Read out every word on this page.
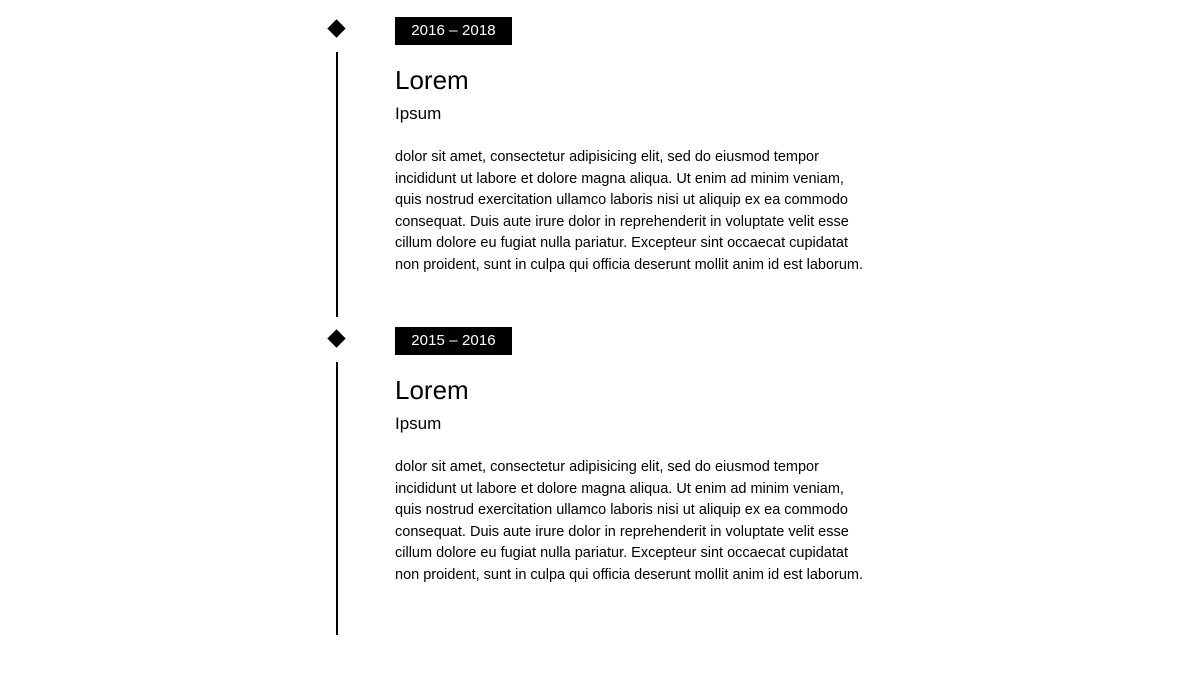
2016 – 2018
Lorem
Ipsum

dolor sit amet, consectetur adipisicing elit, sed do eiusmod tempor incididunt ut labore et dolore magna aliqua. Ut enim ad minim veniam, quis nostrud exercitation ullamco laboris nisi ut aliquip ex ea commodo consequat. Duis aute irure dolor in reprehenderit in voluptate velit esse cillum dolore eu fugiat nulla pariatur. Excepteur sint occaecat cupidatat non proident, sunt in culpa qui officia deserunt mollit anim id est laborum.

2015 – 2016
Lorem
Ipsum

dolor sit amet, consectetur adipisicing elit, sed do eiusmod tempor incididunt ut labore et dolore magna aliqua. Ut enim ad minim veniam, quis nostrud exercitation ullamco laboris nisi ut aliquip ex ea commodo consequat. Duis aute irure dolor in reprehenderit in voluptate velit esse cillum dolore eu fugiat nulla pariatur. Excepteur sint occaecat cupidatat non proident, sunt in culpa qui officia deserunt mollit anim id est laborum.
